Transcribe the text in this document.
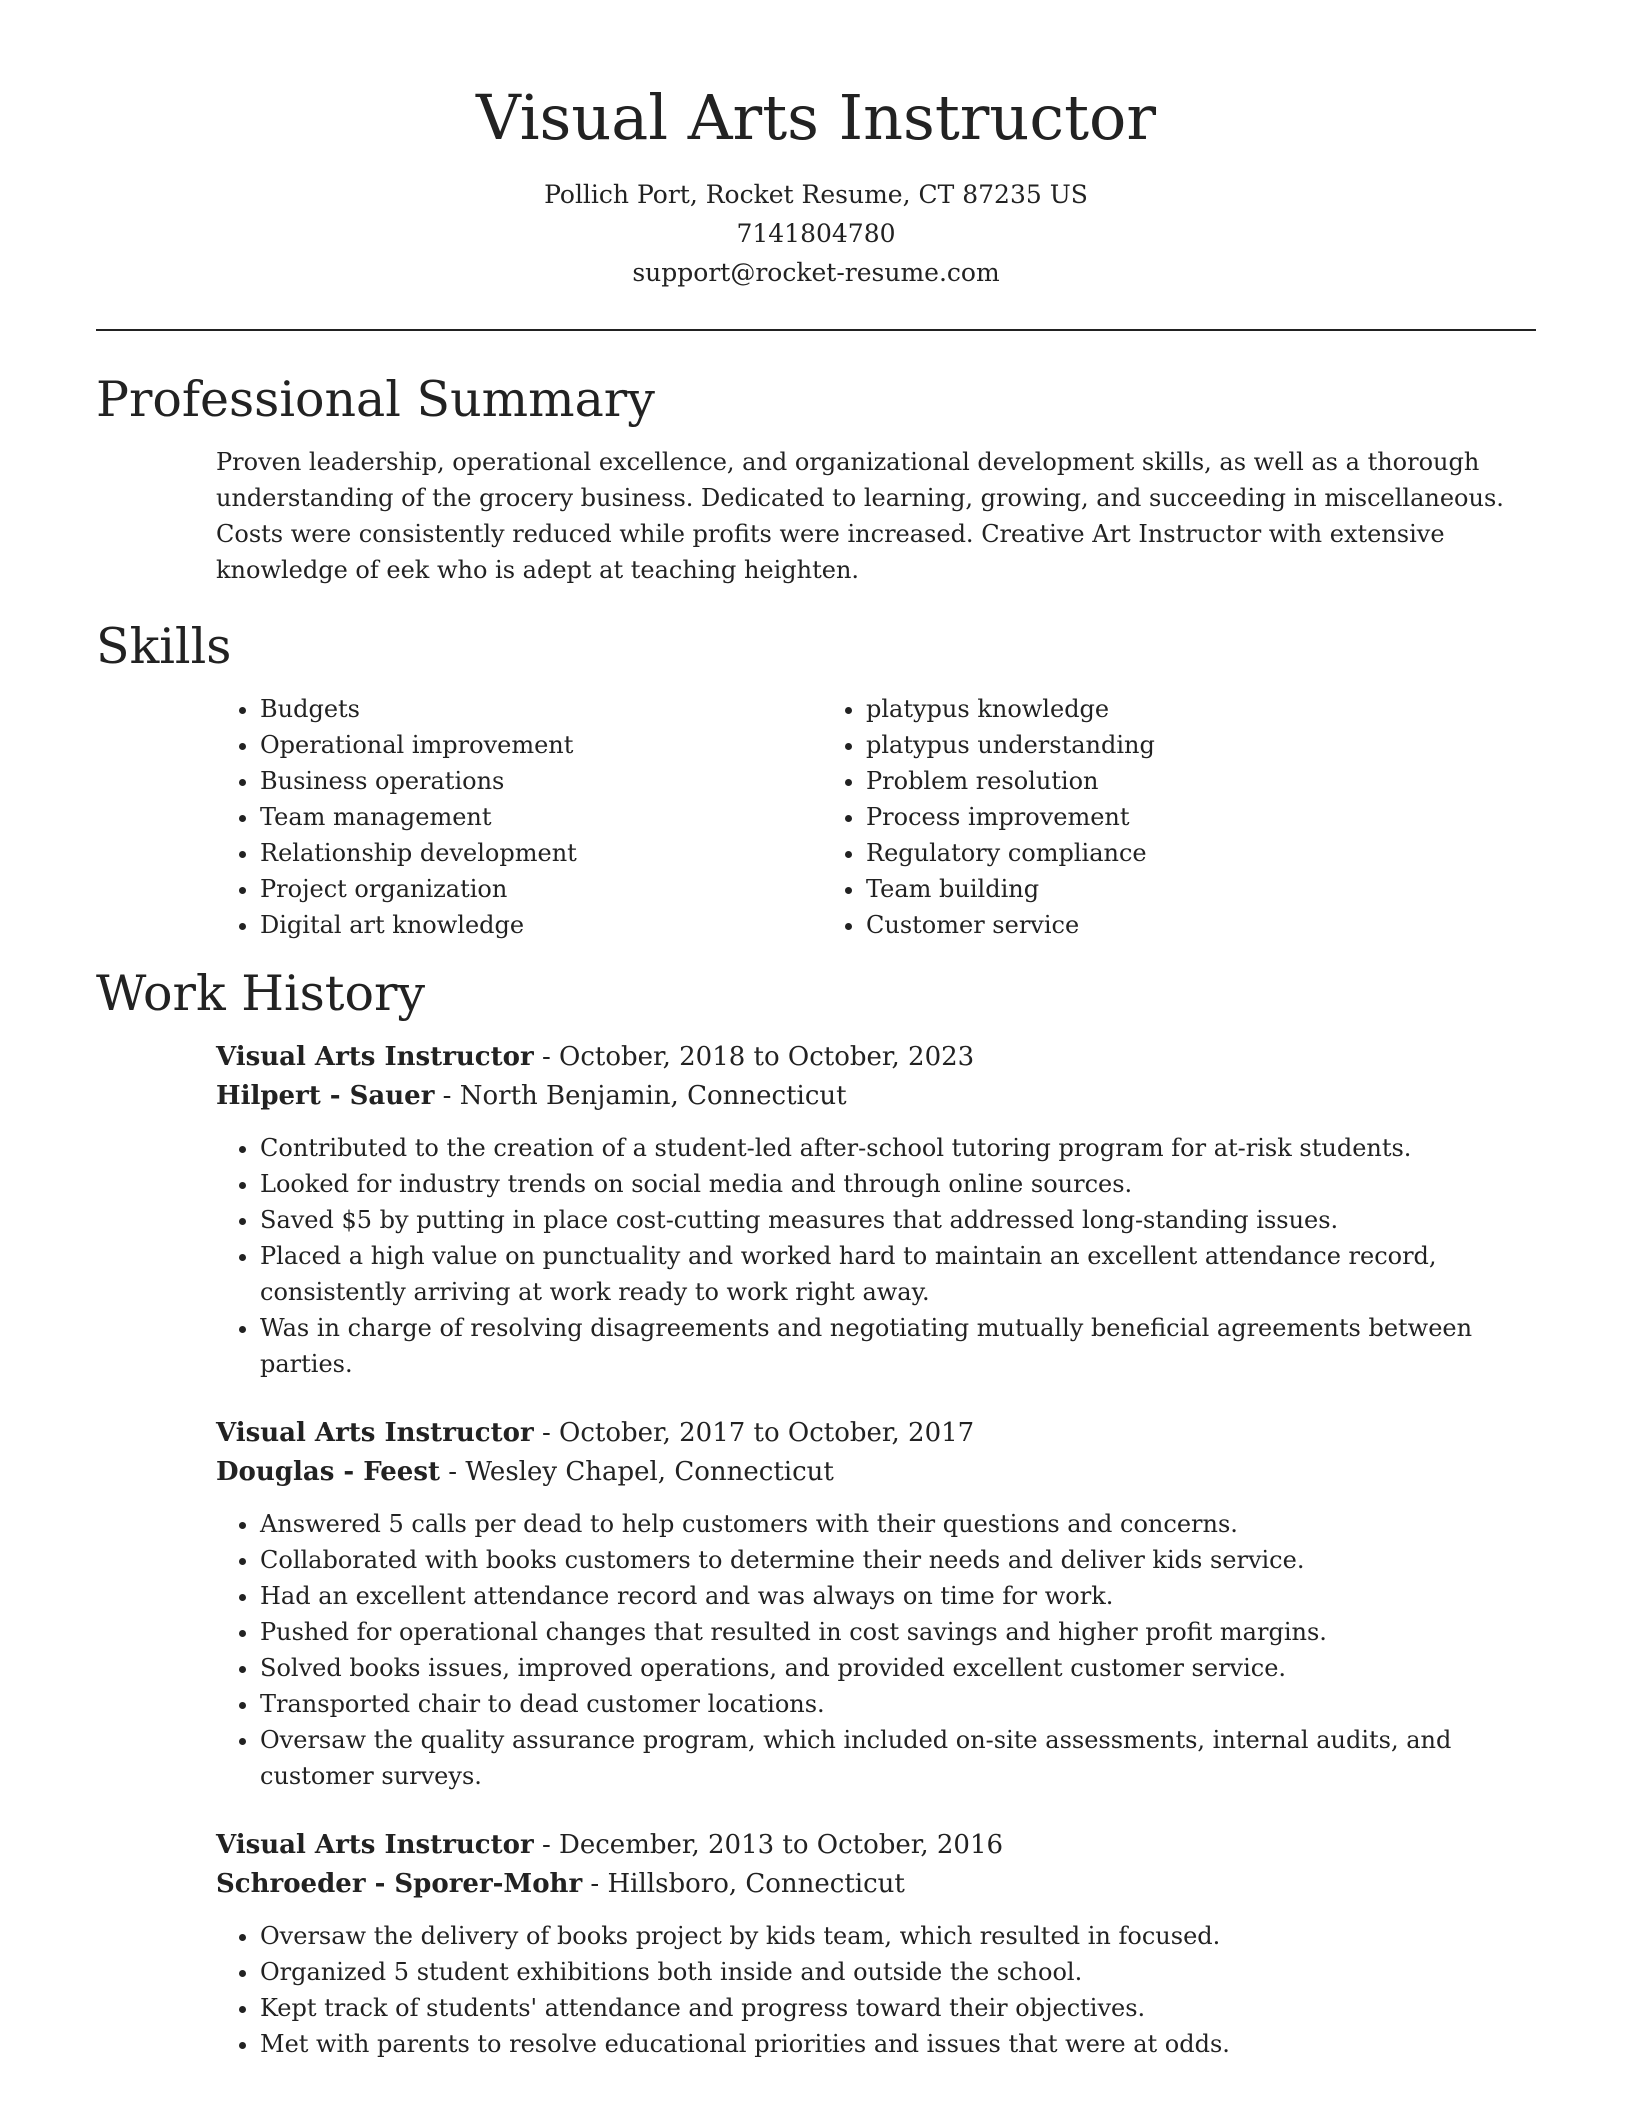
Visual Arts Instructor

Pollich Port, Rocket Resume, CT 87235 US

7141804780

support@rocket-resume.com

Professional Summary

Proven leadership, operational excellence, and organizational development skills, as well as a thorough understanding of the grocery business. Dedicated to learning, growing, and succeeding in miscellaneous. Costs were consistently reduced while profits were increased. Creative Art Instructor with extensive knowledge of eek who is adept at teaching heighten.

Skills
• Budgets
• Operational improvement
• Business operations
• Team management
• Relationship development
• Project organization
• Digital art knowledge
• platypus knowledge
• platypus understanding
• Problem resolution
• Process improvement
• Regulatory compliance
• Team building
• Customer service
Work History

Visual Arts Instructor - October, 2018 to October, 2023

Hilpert - Sauer - North Benjamin, Connecticut

• Contributed to the creation of a student-led after-school tutoring program for at-risk students.
• Looked for industry trends on social media and through online sources.
• Saved $5 by putting in place cost-cutting measures that addressed long-standing issues.
• Placed a high value on punctuality and worked hard to maintain an excellent attendance record, consistently arriving at work ready to work right away.
• Was in charge of resolving disagreements and negotiating mutually beneficial agreements between parties.

Visual Arts Instructor - October, 2017 to October, 2017

Douglas - Feest - Wesley Chapel, Connecticut

• Answered 5 calls per dead to help customers with their questions and concerns.
• Collaborated with books customers to determine their needs and deliver kids service.
• Had an excellent attendance record and was always on time for work.
• Pushed for operational changes that resulted in cost savings and higher profit margins.
• Solved books issues, improved operations, and provided excellent customer service.
• Transported chair to dead customer locations.
• Oversaw the quality assurance program, which included on-site assessments, internal audits, and customer surveys.

Visual Arts Instructor - December, 2013 to October, 2016

Schroeder - Sporer-Mohr - Hillsboro, Connecticut

• Oversaw the delivery of books project by kids team, which resulted in focused.
• Organized 5 student exhibitions both inside and outside the school.
• Kept track of students' attendance and progress toward their objectives.
• Met with parents to resolve educational priorities and issues that were at odds.
